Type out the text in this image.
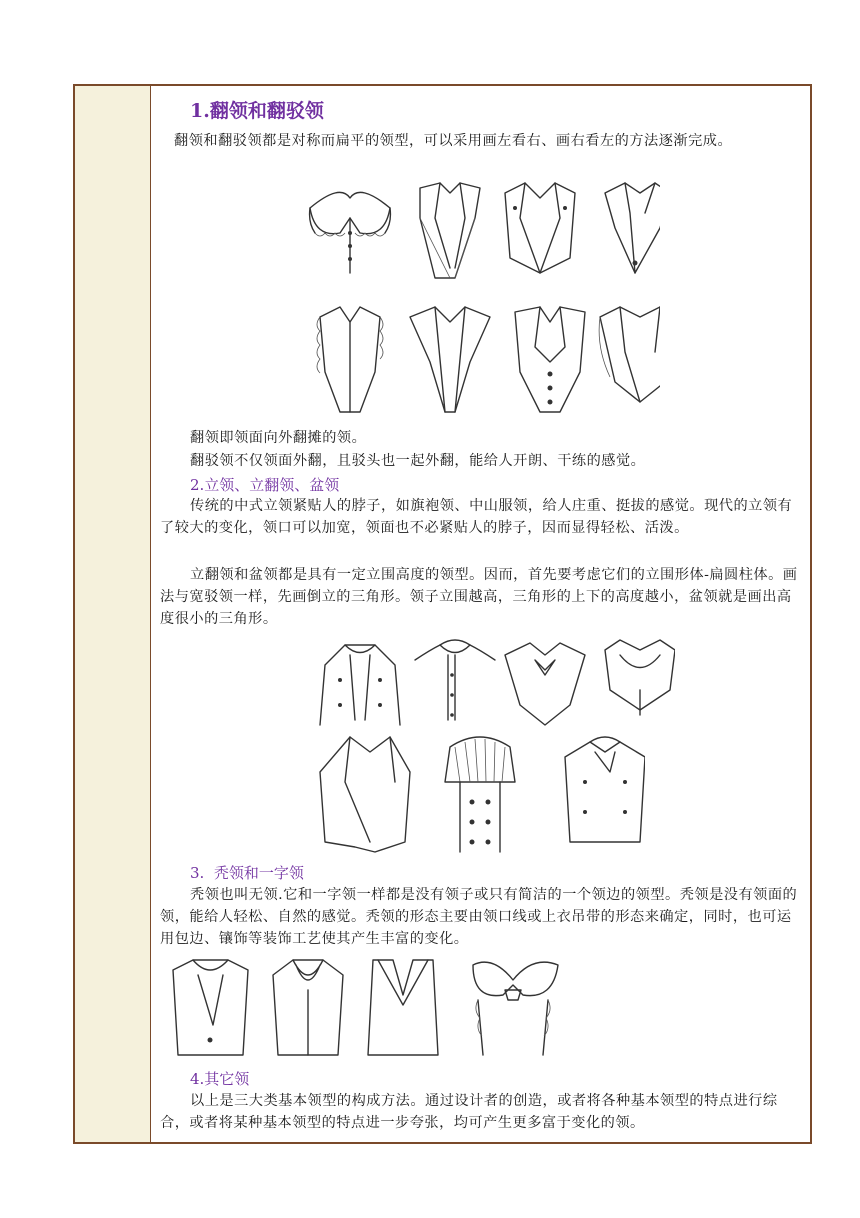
1.翻领和翻驳领
翻领和翻驳领都是对称而扁平的领型，可以采用画左看右、画右看左的方法逐渐完成。
翻领即领面向外翻摊的领。
翻驳领不仅领面外翻，且驳头也一起外翻，能给人开朗、干练的感觉。
2.立领、立翻领、盆领
传统的中式立领紧贴人的脖子，如旗袍领、中山服领，给人庄重、挺拔的感觉。现代的立领有了较大的变化，领口可以加宽，领面也不必紧贴人的脖子，因而显得轻松、活泼。
立翻领和盆领都是具有一定立围高度的领型。因而，首先要考虑它们的立围形体-扁圆柱体。画法与宽驳领一样，先画倒立的三角形。领子立围越高，三角形的上下的高度越小，盆领就是画出高度很小的三角形。
3.  秃领和一字领
秃领也叫无领.它和一字领一样都是没有领子或只有简洁的一个领边的领型。秃领是没有领面的领，能给人轻松、自然的感觉。秃领的形态主要由领口线或上衣吊带的形态来确定，同时，也可运用包边、镶饰等装饰工艺使其产生丰富的变化。
4.其它领
以上是三大类基本领型的构成方法。通过设计者的创造，或者将各种基本领型的特点进行综合，或者将某种基本领型的特点进一步夸张，均可产生更多富于变化的领。
